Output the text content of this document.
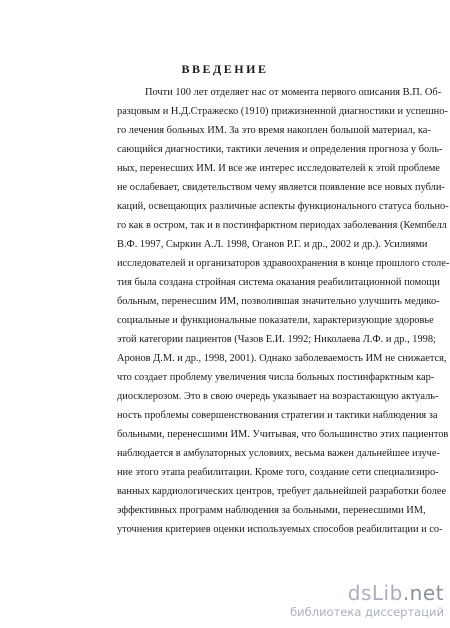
ВВЕДЕНИЕ
Почти 100 лет отделяет нас от момента первого описания В.П. Об-
разцовым и Н.Д.Стражеско (1910) прижизненной диагностики и успешно-
го лечения больных ИМ. За это время накоплен большой материал, ка-
сающийся диагностики, тактики лечения и определения прогноза у боль-
ных, перенесших ИМ. И все же интерес исследователей к этой проблеме
не ослабевает, свидетельством чему является появление все новых публи-
каций, освещающих различные аспекты функционального статуса больно-
го как в остром, так и в постинфарктном периодах заболевания (Кемпбелл
В.Ф. 1997, Сыркин А.Л. 1998, Оганов Р.Г. и др., 2002 и др.). Усилиями
исследователей и организаторов здравоохранения в конце прошлого столе-
тия была создана стройная система оказания реабилитационной помощи
больным, перенесшим ИМ, позволившая значительно улучшить медико-
социальные и функциональные показатели, характеризующие здоровье
этой категории пациентов (Чазов Е.И. 1992; Николаева Л.Ф. и др., 1998;
Аронов Д.М. и др., 1998, 2001). Однако заболеваемость ИМ не снижается,
что создает проблему увеличения числа больных постинфарктным кар-
диосклерозом. Это в свою очередь указывает на возрастающую актуаль-
ность проблемы совершенствования стратегии и тактики наблюдения за
больными, перенесшими ИМ. Учитывая, что большинство этих пациентов
наблюдается в амбулаторных условиях, весьма важен дальнейшее изуче-
ние этого этапа реабилитации. Кроме того, создание сети специализиро-
ванных кардиологических центров, требует дальнейшей разработки более
эффективных программ наблюдения за больными, перенесшими ИМ,
уточнения критериев оценки используемых способов реабилитации и со-
dsLib.net
библиотека диссертаций
